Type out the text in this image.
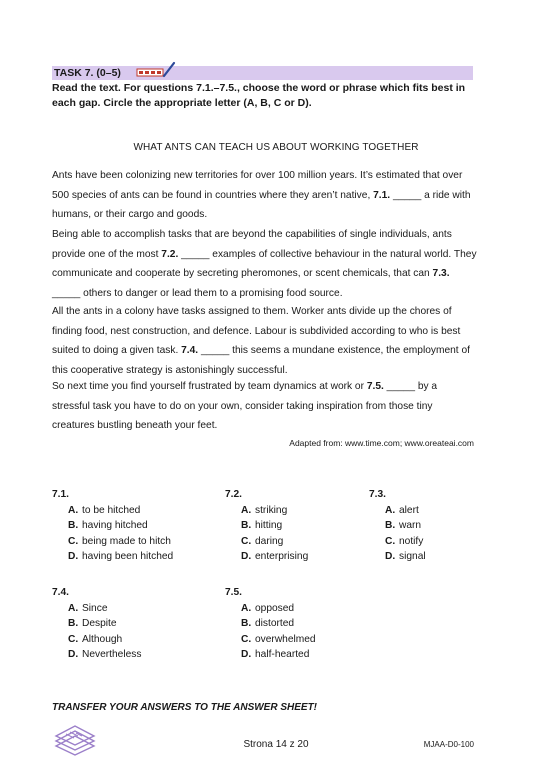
TASK 7. (0–5)
Read the text. For questions 7.1.–7.5., choose the word or phrase which fits best in each gap. Circle the appropriate letter (A, B, C or D).
WHAT ANTS CAN TEACH US ABOUT WORKING TOGETHER
Ants have been colonizing new territories for over 100 million years. It’s estimated that over 500 species of ants can be found in countries where they aren’t native, 7.1. _____ a ride with humans, or their cargo and goods.
Being able to accomplish tasks that are beyond the capabilities of single individuals, ants provide one of the most 7.2. _____ examples of collective behaviour in the natural world. They communicate and cooperate by secreting pheromones, or scent chemicals, that can 7.3. _____ others to danger or lead them to a promising food source.
All the ants in a colony have tasks assigned to them. Worker ants divide up the chores of finding food, nest construction, and defence. Labour is subdivided according to who is best suited to doing a given task. 7.4. _____ this seems a mundane existence, the employment of this cooperative strategy is astonishingly successful.
So next time you find yourself frustrated by team dynamics at work or 7.5. _____ by a stressful task you have to do on your own, consider taking inspiration from those tiny creatures bustling beneath your feet.
Adapted from: www.time.com; www.oreateai.com
7.1.
A. to be hitched
B. having hitched
C. being made to hitch
D. having been hitched
7.2.
A. striking
B. hitting
C. daring
D. enterprising
7.3.
A. alert
B. warn
C. notify
D. signal
7.4.
A. Since
B. Despite
C. Although
D. Nevertheless
7.5.
A. opposed
B. distorted
C. overwhelmed
D. half-hearted
TRANSFER YOUR ANSWERS TO THE ANSWER SHEET!
Strona 14 z 20	MJAA-D0-100
